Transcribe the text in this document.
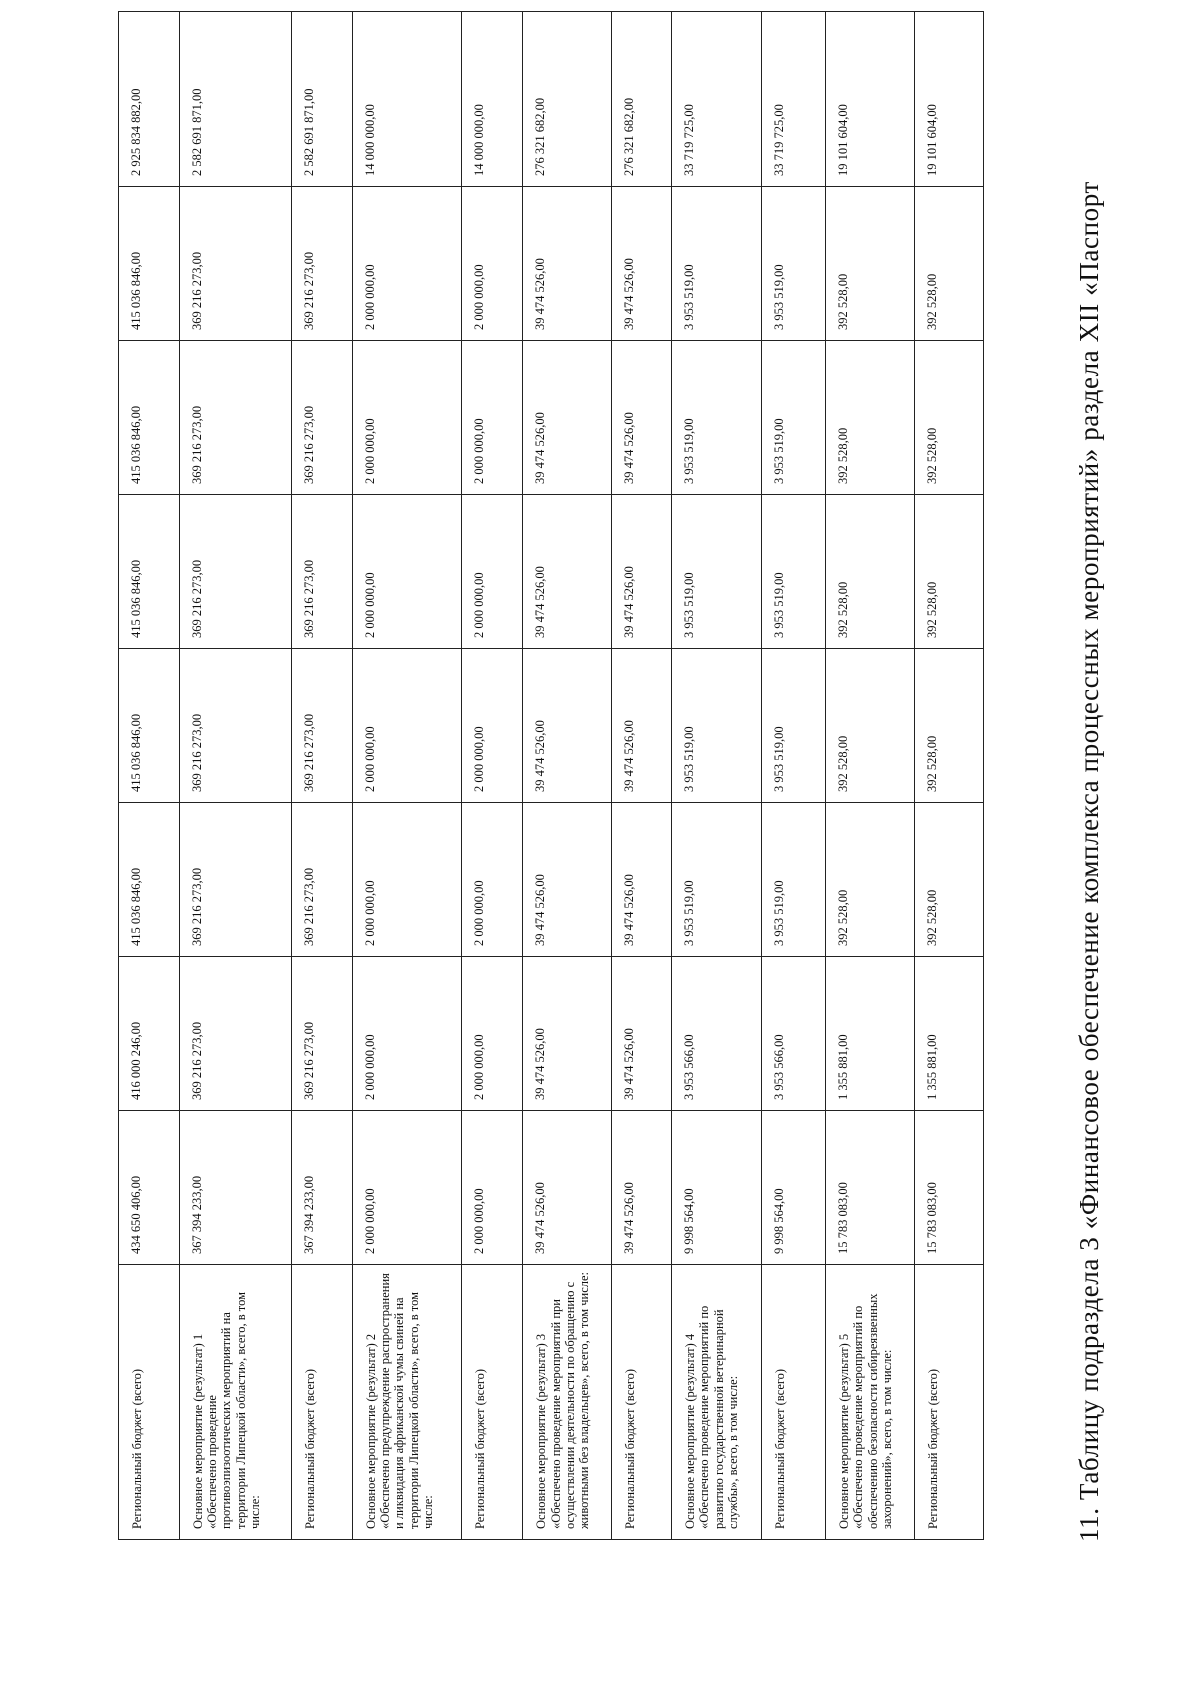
Региональный бюджет (всего)	434 650 406,00	416 000 246,00	415 036 846,00	415 036 846,00	415 036 846,00	415 036 846,00	415 036 846,00	2 925 834 882,00
Основное мероприятие (результат) 1 «Обеспечено проведение противоэпизоотических мероприятий на территории Липецкой области», всего, в том числе:	367 394 233,00	369 216 273,00	369 216 273,00	369 216 273,00	369 216 273,00	369 216 273,00	369 216 273,00	2 582 691 871,00
Региональный бюджет (всего)	367 394 233,00	369 216 273,00	369 216 273,00	369 216 273,00	369 216 273,00	369 216 273,00	369 216 273,00	2 582 691 871,00
Основное мероприятие (результат) 2 «Обеспечено предупреждение распространения и ликвидация африканской чумы свиней на территории Липецкой области», всего, в том числе:	2 000 000,00	2 000 000,00	2 000 000,00	2 000 000,00	2 000 000,00	2 000 000,00	2 000 000,00	14 000 000,00
Региональный бюджет (всего)	2 000 000,00	2 000 000,00	2 000 000,00	2 000 000,00	2 000 000,00	2 000 000,00	2 000 000,00	14 000 000,00
Основное мероприятие (результат) 3 «Обеспечено проведение мероприятий при осуществлении деятельности по обращению с животными без владельцев», всего, в том числе:	39 474 526,00	39 474 526,00	39 474 526,00	39 474 526,00	39 474 526,00	39 474 526,00	39 474 526,00	276 321 682,00
Региональный бюджет (всего)	39 474 526,00	39 474 526,00	39 474 526,00	39 474 526,00	39 474 526,00	39 474 526,00	39 474 526,00	276 321 682,00
Основное мероприятие (результат) 4 «Обеспечено проведение мероприятий по развитию государственной ветеринарной службы», всего, в том числе:	9 998 564,00	3 953 566,00	3 953 519,00	3 953 519,00	3 953 519,00	3 953 519,00	3 953 519,00	33 719 725,00
Региональный бюджет (всего)	9 998 564,00	3 953 566,00	3 953 519,00	3 953 519,00	3 953 519,00	3 953 519,00	3 953 519,00	33 719 725,00
Основное мероприятие (результат) 5 «Обеспечено проведение мероприятий по обеспечению безопасности сибиреязвенных захоронений», всего, в том числе:	15 783 083,00	1 355 881,00	392 528,00	392 528,00	392 528,00	392 528,00	392 528,00	19 101 604,00
Региональный бюджет (всего)	15 783 083,00	1 355 881,00	392 528,00	392 528,00	392 528,00	392 528,00	392 528,00	19 101 604,00
11. Таблицу подраздела 3 «Финансовое обеспечение комплекса процессных мероприятий» раздела XII «Паспорт
